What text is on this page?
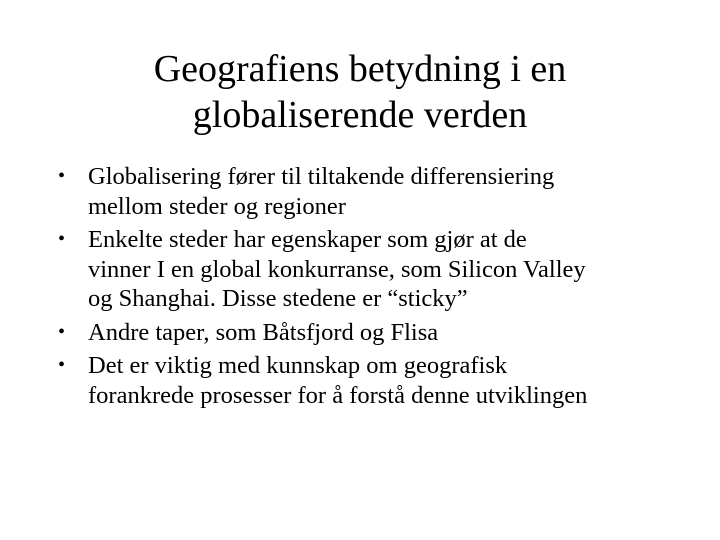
Geografiens betydning i en
globaliserende verden
• Globalisering fører til tiltakende differensiering
mellom steder og regioner
• Enkelte steder har egenskaper som gjør at de
vinner I en global konkurranse, som Silicon Valley
og Shanghai. Disse stedene er “sticky”
• Andre taper, som Båtsfjord og Flisa
• Det er viktig med kunnskap om geografisk
forankrede prosesser for å forstå denne utviklingen
